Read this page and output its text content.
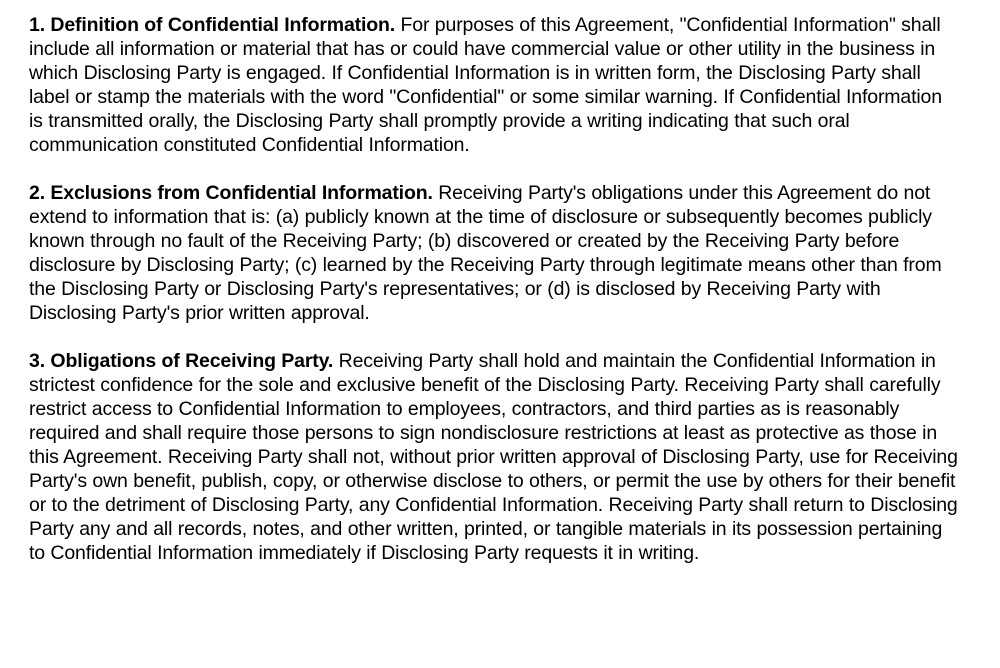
1. Definition of Confidential Information. For purposes of this Agreement, "Confidential Information" shall include all information or material that has or could have commercial value or other utility in the business in which Disclosing Party is engaged. If Confidential Information is in written form, the Disclosing Party shall label or stamp the materials with the word "Confidential" or some similar warning. If Confidential Information is transmitted orally, the Disclosing Party shall promptly provide a writing indicating that such oral communication constituted Confidential Information.

2. Exclusions from Confidential Information. Receiving Party's obligations under this Agreement do not extend to information that is: (a) publicly known at the time of disclosure or subsequently becomes publicly known through no fault of the Receiving Party; (b) discovered or created by the Receiving Party before disclosure by Disclosing Party; (c) learned by the Receiving Party through legitimate means other than from the Disclosing Party or Disclosing Party's representatives; or (d) is disclosed by Receiving Party with Disclosing Party's prior written approval.

3. Obligations of Receiving Party. Receiving Party shall hold and maintain the Confidential Information in strictest confidence for the sole and exclusive benefit of the Disclosing Party. Receiving Party shall carefully restrict access to Confidential Information to employees, contractors, and third parties as is reasonably required and shall require those persons to sign nondisclosure restrictions at least as protective as those in this Agreement. Receiving Party shall not, without prior written approval of Disclosing Party, use for Receiving Party's own benefit, publish, copy, or otherwise disclose to others, or permit the use by others for their benefit or to the detriment of Disclosing Party, any Confidential Information. Receiving Party shall return to Disclosing Party any and all records, notes, and other written, printed, or tangible materials in its possession pertaining to Confidential Information immediately if Disclosing Party requests it in writing.
